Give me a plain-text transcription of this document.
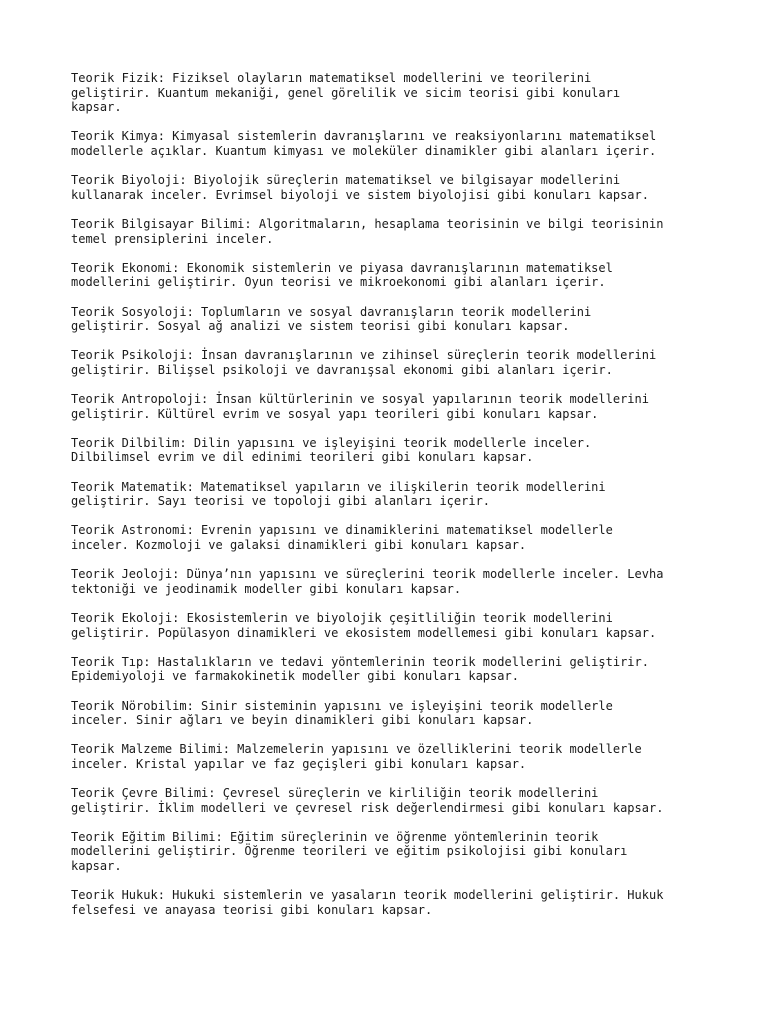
Teorik Fizik: Fiziksel olayların matematiksel modellerini ve teorilerini
geliştirir. Kuantum mekaniği, genel görelilik ve sicim teorisi gibi konuları
kapsar.

Teorik Kimya: Kimyasal sistemlerin davranışlarını ve reaksiyonlarını matematiksel
modellerle açıklar. Kuantum kimyası ve moleküler dinamikler gibi alanları içerir.

Teorik Biyoloji: Biyolojik süreçlerin matematiksel ve bilgisayar modellerini
kullanarak inceler. Evrimsel biyoloji ve sistem biyolojisi gibi konuları kapsar.

Teorik Bilgisayar Bilimi: Algoritmaların, hesaplama teorisinin ve bilgi teorisinin
temel prensiplerini inceler.

Teorik Ekonomi: Ekonomik sistemlerin ve piyasa davranışlarının matematiksel
modellerini geliştirir. Oyun teorisi ve mikroekonomi gibi alanları içerir.

Teorik Sosyoloji: Toplumların ve sosyal davranışların teorik modellerini
geliştirir. Sosyal ağ analizi ve sistem teorisi gibi konuları kapsar.

Teorik Psikoloji: İnsan davranışlarının ve zihinsel süreçlerin teorik modellerini
geliştirir. Bilişsel psikoloji ve davranışsal ekonomi gibi alanları içerir.

Teorik Antropoloji: İnsan kültürlerinin ve sosyal yapılarının teorik modellerini
geliştirir. Kültürel evrim ve sosyal yapı teorileri gibi konuları kapsar.

Teorik Dilbilim: Dilin yapısını ve işleyişini teorik modellerle inceler.
Dilbilimsel evrim ve dil edinimi teorileri gibi konuları kapsar.

Teorik Matematik: Matematiksel yapıların ve ilişkilerin teorik modellerini
geliştirir. Sayı teorisi ve topoloji gibi alanları içerir.

Teorik Astronomi: Evrenin yapısını ve dinamiklerini matematiksel modellerle
inceler. Kozmoloji ve galaksi dinamikleri gibi konuları kapsar.

Teorik Jeoloji: Dünya’nın yapısını ve süreçlerini teorik modellerle inceler. Levha
tektoniği ve jeodinamik modeller gibi konuları kapsar.

Teorik Ekoloji: Ekosistemlerin ve biyolojik çeşitliliğin teorik modellerini
geliştirir. Popülasyon dinamikleri ve ekosistem modellemesi gibi konuları kapsar.

Teorik Tıp: Hastalıkların ve tedavi yöntemlerinin teorik modellerini geliştirir.
Epidemiyoloji ve farmakokinetik modeller gibi konuları kapsar.

Teorik Nörobilim: Sinir sisteminin yapısını ve işleyişini teorik modellerle
inceler. Sinir ağları ve beyin dinamikleri gibi konuları kapsar.

Teorik Malzeme Bilimi: Malzemelerin yapısını ve özelliklerini teorik modellerle
inceler. Kristal yapılar ve faz geçişleri gibi konuları kapsar.

Teorik Çevre Bilimi: Çevresel süreçlerin ve kirliliğin teorik modellerini
geliştirir. İklim modelleri ve çevresel risk değerlendirmesi gibi konuları kapsar.

Teorik Eğitim Bilimi: Eğitim süreçlerinin ve öğrenme yöntemlerinin teorik
modellerini geliştirir. Öğrenme teorileri ve eğitim psikolojisi gibi konuları
kapsar.

Teorik Hukuk: Hukuki sistemlerin ve yasaların teorik modellerini geliştirir. Hukuk
felsefesi ve anayasa teorisi gibi konuları kapsar.
